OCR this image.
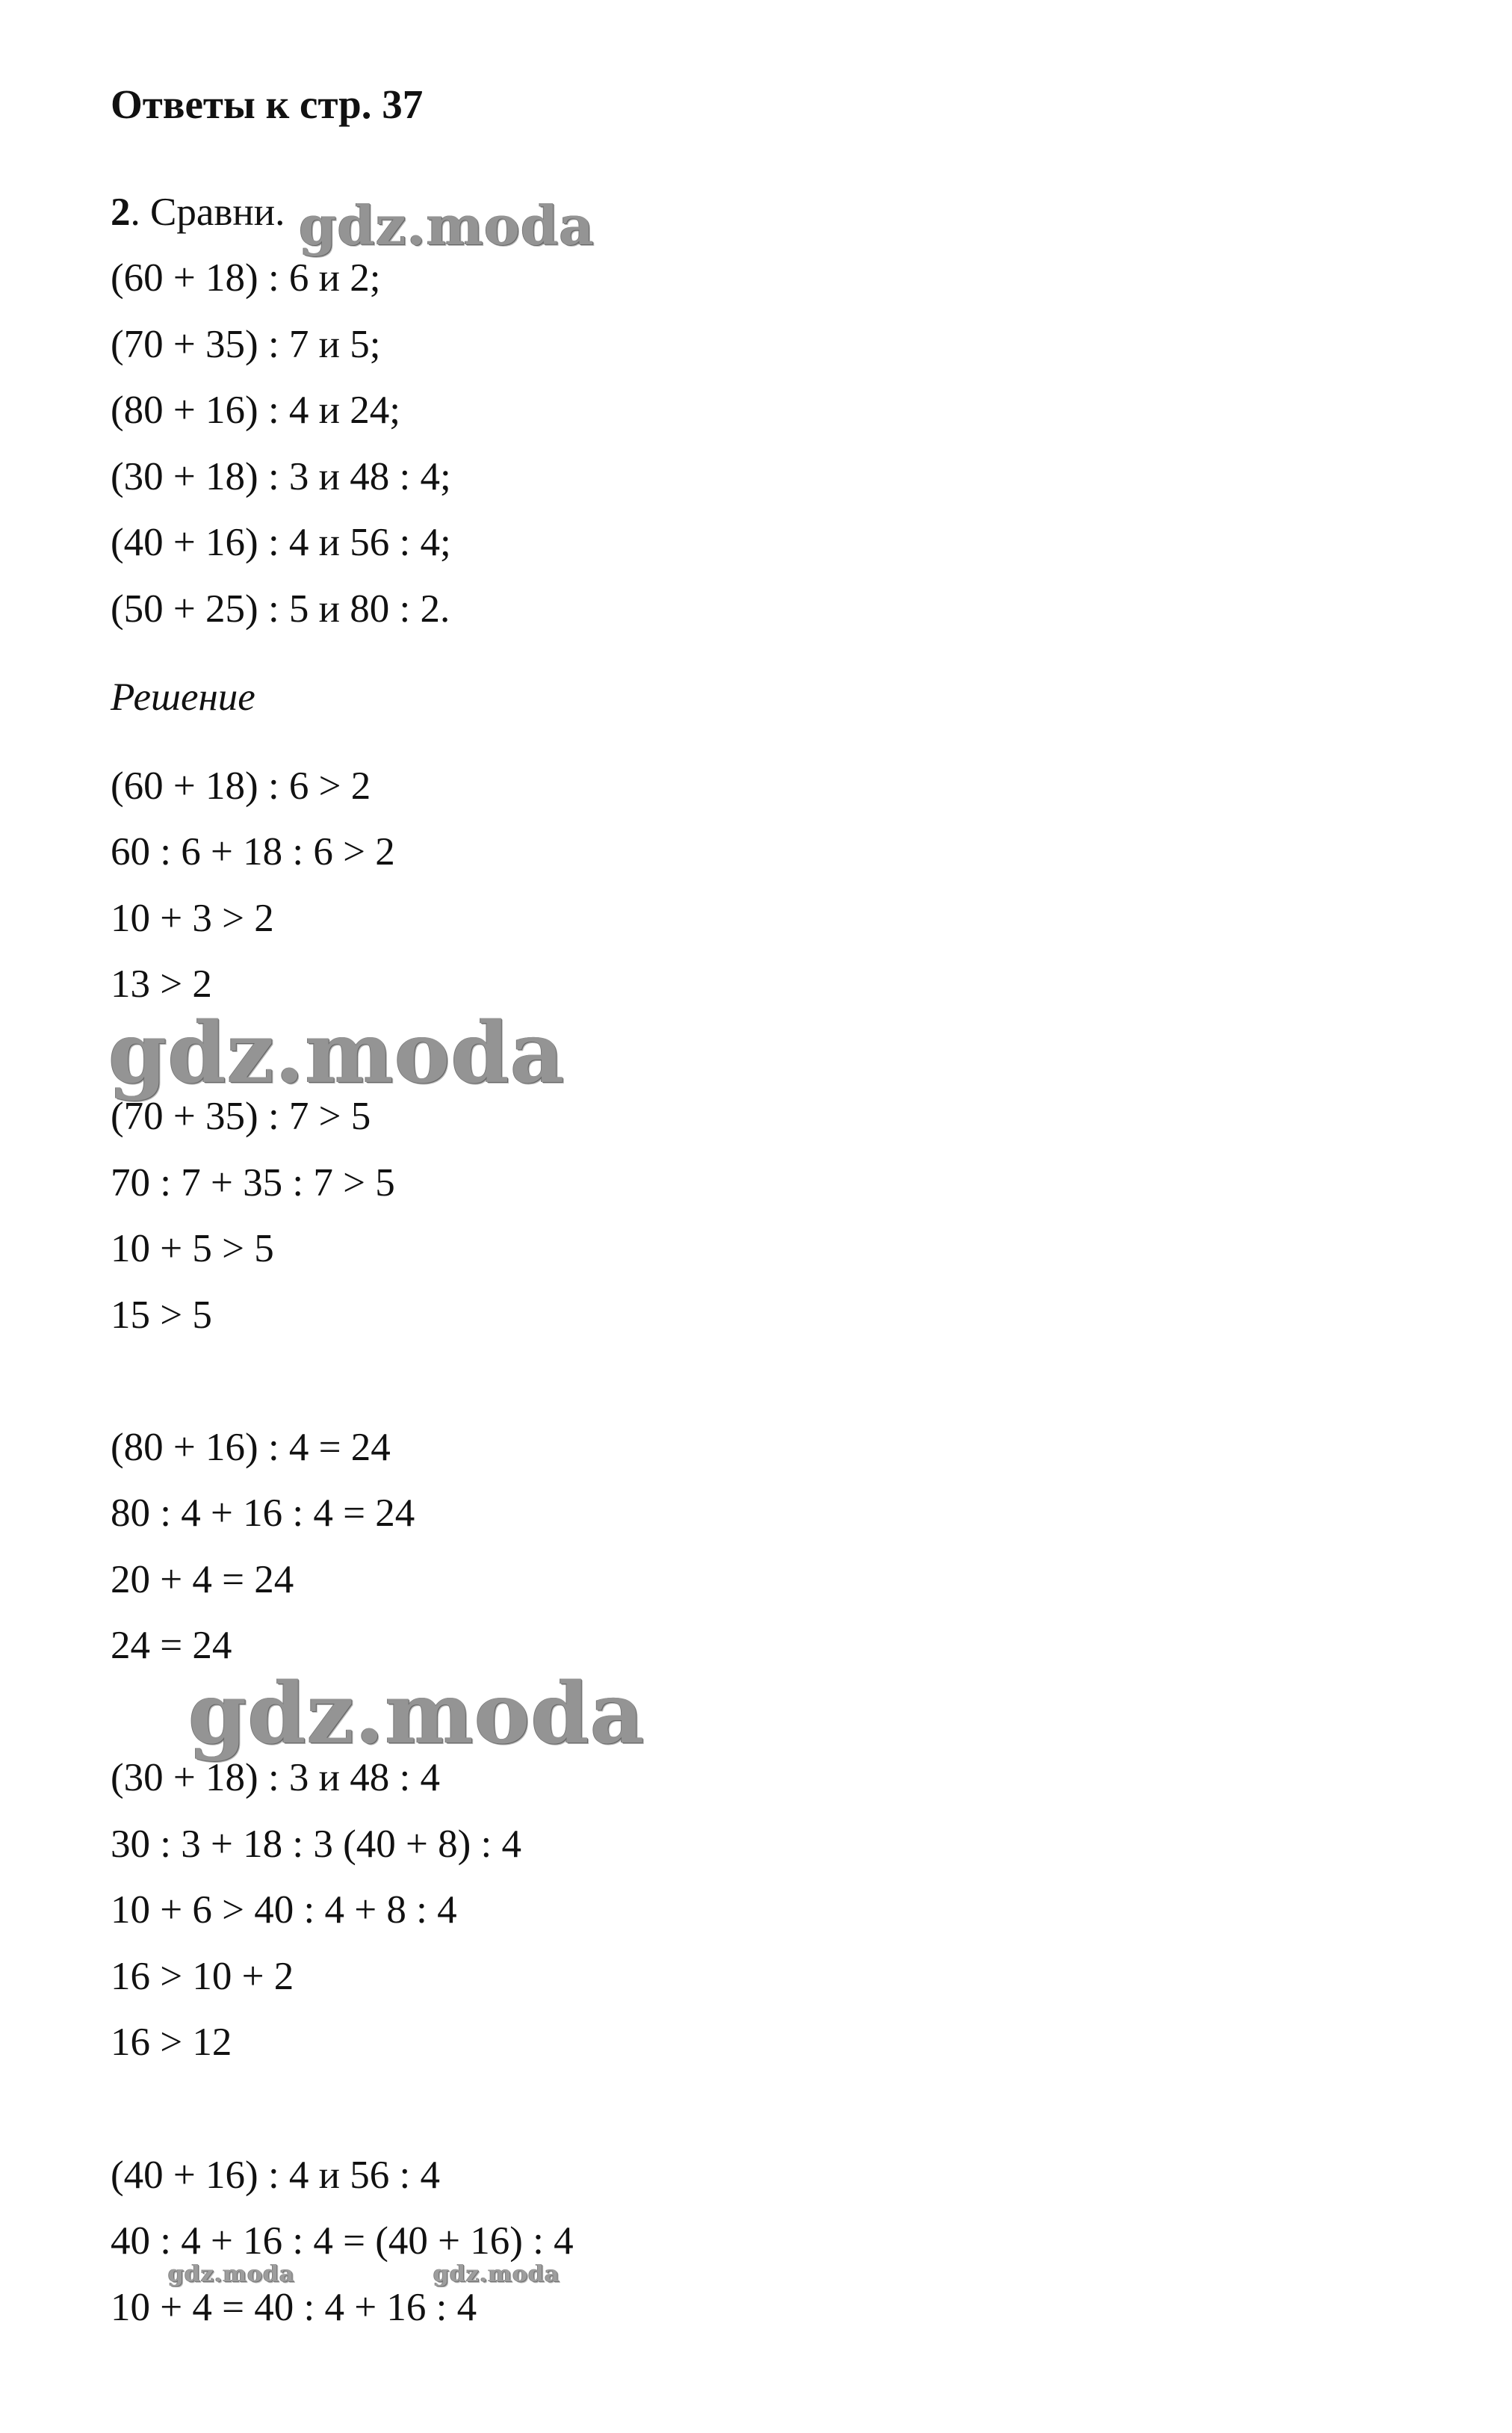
Ответы к стр. 37
2. Сравни.
(60 + 18) : 6 и 2;
(70 + 35) : 7 и 5;
(80 + 16) : 4 и 24;
(30 + 18) : 3 и 48 : 4;
(40 + 16) : 4 и 56 : 4;
(50 + 25) : 5 и 80 : 2.
Решение
(60 + 18) : 6 > 2
60 : 6 + 18 : 6 > 2
10 + 3 > 2
13 > 2
(70 + 35) : 7 > 5
70 : 7 + 35 : 7 > 5
10 + 5 > 5
15 > 5
(80 + 16) : 4 = 24
80 : 4 + 16 : 4 = 24
20 + 4 = 24
24 = 24
(30 + 18) : 3 и 48 : 4
30 : 3 + 18 : 3 (40 + 8) : 4
10 + 6 > 40 : 4 + 8 : 4
16 > 10 + 2
16 > 12
(40 + 16) : 4 и 56 : 4
40 : 4 + 16 : 4 = (40 + 16) : 4
10 + 4 = 40 : 4 + 16 : 4
gdz.moda
gdz.moda
gdz.moda
gdz.moda	gdz.moda
